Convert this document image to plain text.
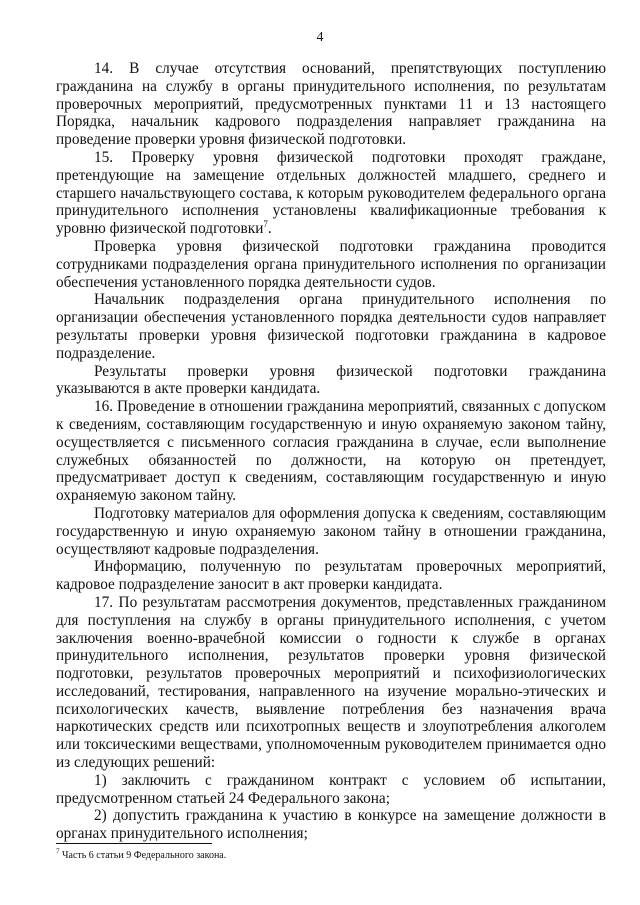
4

14. В случае отсутствия оснований, препятствующих поступлению гражданина на службу в органы принудительного исполнения, по результатам проверочных мероприятий, предусмотренных пунктами 11 и 13 настоящего Порядка, начальник кадрового подразделения направляет гражданина на проведение проверки уровня физической подготовки.

15. Проверку уровня физической подготовки проходят граждане, претендующие на замещение отдельных должностей младшего, среднего и старшего начальствующего состава, к которым руководителем федерального органа принудительного исполнения установлены квалификационные требования к уровню физической подготовки$^7$.

Проверка уровня физической подготовки гражданина проводится сотрудниками подразделения органа принудительного исполнения по организации обеспечения установленного порядка деятельности судов.

Начальник подразделения органа принудительного исполнения по организации обеспечения установленного порядка деятельности судов направляет результаты проверки уровня физической подготовки гражданина в кадровое подразделение.

Результаты проверки уровня физической подготовки гражданина указываются в акте проверки кандидата.

16. Проведение в отношении гражданина мероприятий, связанных с допуском к сведениям, составляющим государственную и иную охраняемую законом тайну, осуществляется с письменного согласия гражданина в случае, если выполнение служебных обязанностей по должности, на которую он претендует, предусматривает доступ к сведениям, составляющим государственную и иную охраняемую законом тайну.

Подготовку материалов для оформления допуска к сведениям, составляющим государственную и иную охраняемую законом тайну в отношении гражданина, осуществляют кадровые подразделения.

Информацию, полученную по результатам проверочных мероприятий, кадровое подразделение заносит в акт проверки кандидата.

17. По результатам рассмотрения документов, представленных гражданином для поступления на службу в органы принудительного исполнения, с учетом заключения военно-врачебной комиссии о годности к службе в органах принудительного исполнения, результатов проверки уровня физической подготовки, результатов проверочных мероприятий и психофизиологических исследований, тестирования, направленного на изучение морально-этических и психологических качеств, выявление потребления без назначения врача наркотических средств или психотропных веществ и злоупотребления алкоголем или токсическими веществами, уполномоченным руководителем принимается одно из следующих решений:

1) заключить с гражданином контракт с условием об испытании, предусмотренном статьей 24 Федерального закона;

2) допустить гражданина к участию в конкурсе на замещение должности в органах принудительного исполнения;

$^7$ Часть 6 статьи 9 Федерального закона.
